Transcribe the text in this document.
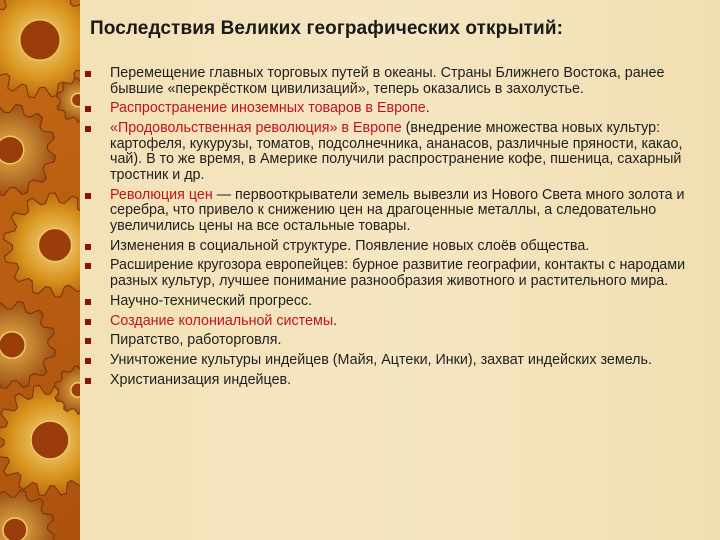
Последствия Великих географических открытий:
Перемещение главных торговых путей в океаны. Страны Ближнего Востока, ранее бывшие «перекрёстком цивилизаций», теперь оказались в захолустье.
Распространение иноземных товаров в Европе.
«Продовольственная революция» в Европе (внедрение множества новых культур: картофеля, кукурузы, томатов, подсолнечника, ананасов, различные пряности, какао, чай). В то же время, в Америке получили распространение кофе, пшеница, сахарный тростник и др.
Революция цен — первооткрыватели земель вывезли из Нового Света много золота и серебра, что привело к снижению цен на драгоценные металлы, а следовательно увеличились цены на все остальные товары.
Изменения в социальной структуре. Появление новых слоёв общества.
Расширение кругозора европейцев: бурное развитие географии, контакты с народами разных культур, лучшее понимание разнообразия животного и растительного мира.
Научно-технический прогресс.
Создание колониальной системы.
Пиратство, работорговля.
Уничтожение культуры индейцев (Майя, Ацтеки, Инки), захват индейских земель.
Христианизация индейцев.
